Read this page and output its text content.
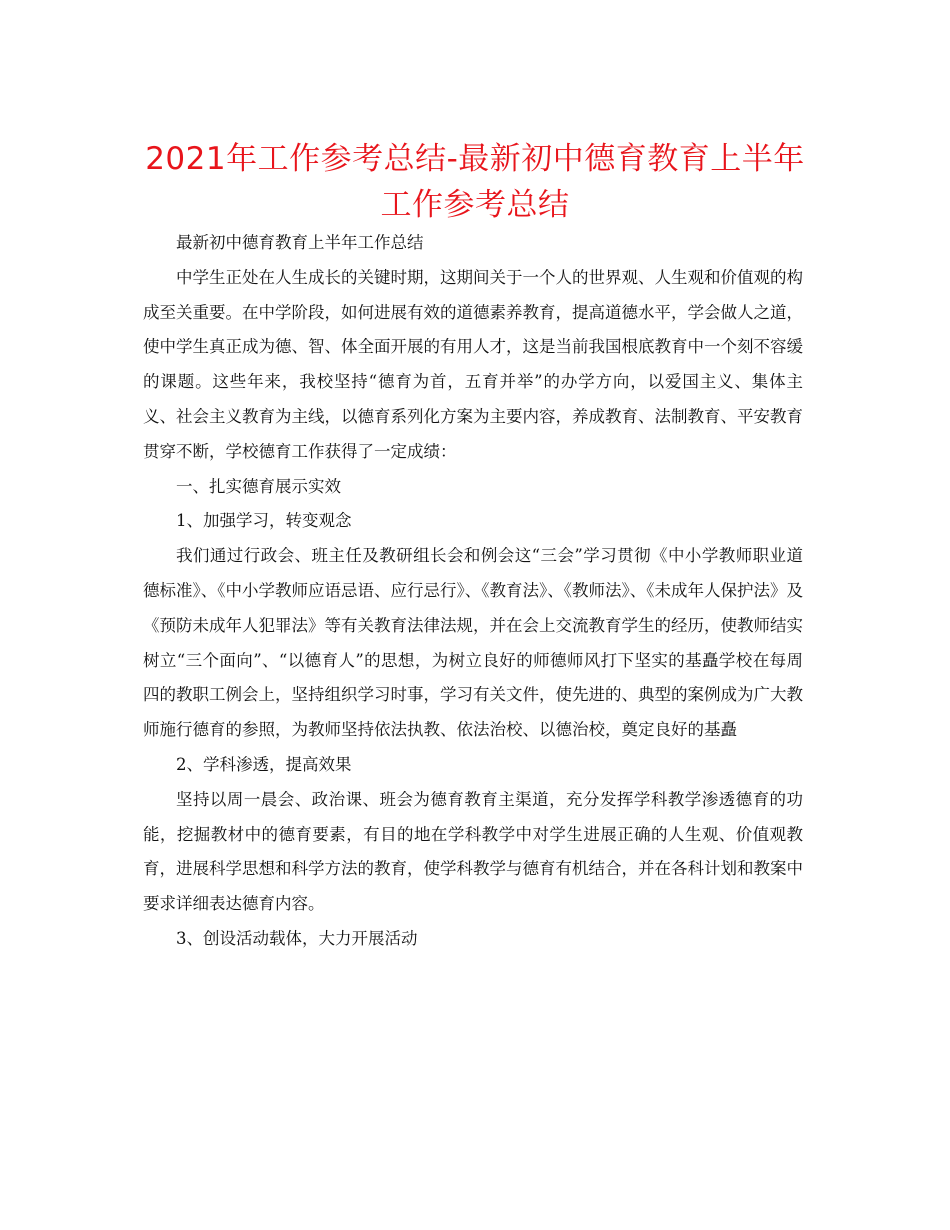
2021年工作参考总结-最新初中德育教育上半年
工作参考总结

最新初中德育教育上半年工作总结

中学生正处在人生成长的关键时期，这期间关于一个人的世界观、人生观和价值观的构成至关重要。在中学阶段，如何进展有效的道德素养教育，提高道德水平，学会做人之道，使中学生真正成为德、智、体全面开展的有用人才，这是当前我国根底教育中一个刻不容缓的课题。这些年来，我校坚持“德育为首，五育并举”的办学方向，以爱国主义、集体主义、社会主义教育为主线，以德育系列化方案为主要内容，养成教育、法制教育、平安教育贯穿不断，学校德育工作获得了一定成绩：

一、扎实德育展示实效

1、加强学习，转变观念

我们通过行政会、班主任及教研组长会和例会这“三会”学习贯彻《中小学教师职业道德标准》、《中小学教师应语忌语、应行忌行》、《教育法》、《教师法》、《未成年人保护法》及《预防未成年人犯罪法》等有关教育法律法规，并在会上交流教育学生的经历，使教师结实树立“三个面向”、“以德育人”的思想，为树立良好的师德师风打下坚实的基矗学校在每周四的教职工例会上，坚持组织学习时事，学习有关文件，使先进的、典型的案例成为广大教师施行德育的参照，为教师坚持依法执教、依法治校、以德治校，奠定良好的基矗

2、学科渗透，提高效果

坚持以周一晨会、政治课、班会为德育教育主渠道，充分发挥学科教学渗透德育的功能，挖掘教材中的德育要素，有目的地在学科教学中对学生进展正确的人生观、价值观教育，进展科学思想和科学方法的教育，使学科教学与德育有机结合，并在各科计划和教案中要求详细表达德育内容。

3、创设活动载体，大力开展活动
